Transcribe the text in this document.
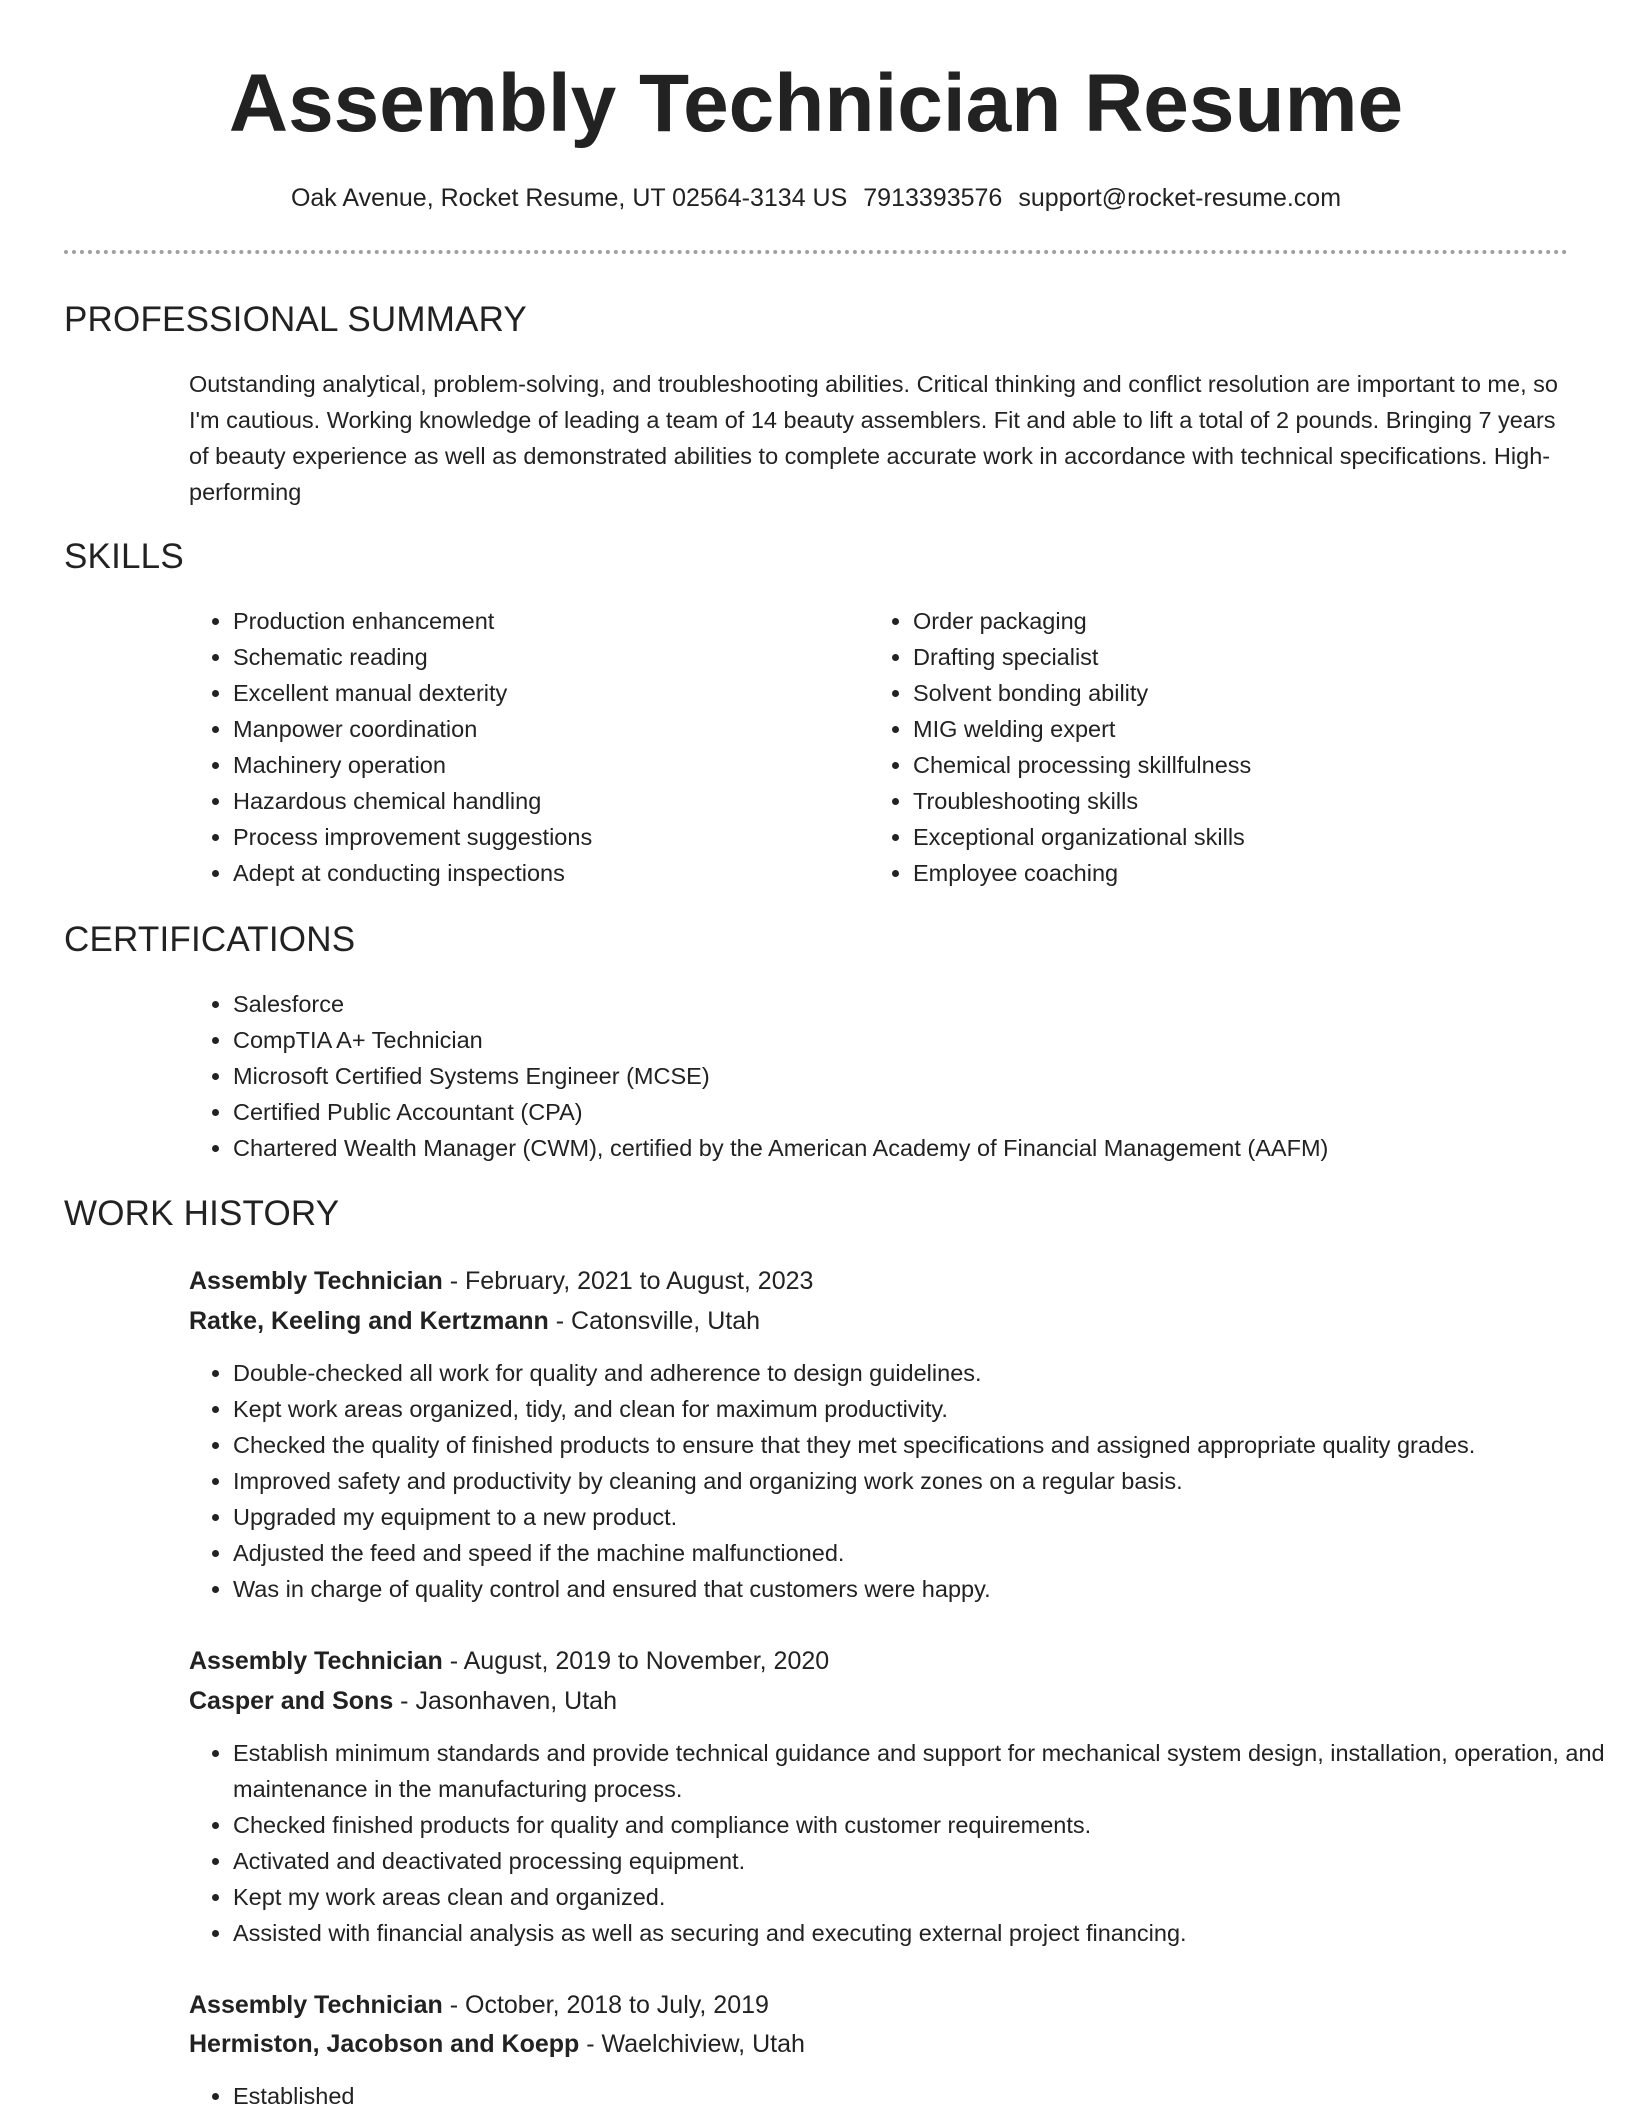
Assembly Technician Resume
Oak Avenue, Rocket Resume, UT 02564-3134 US 7913393576 support@rocket-resume.com
PROFESSIONAL SUMMARY

Outstanding analytical, problem-solving, and troubleshooting abilities. Critical thinking and conflict resolution are important to me, so I'm cautious. Working knowledge of leading a team of 14 beauty assemblers. Fit and able to lift a total of 2 pounds. Bringing 7 years of beauty experience as well as demonstrated abilities to complete accurate work in accordance with technical specifications. High-performing

SKILLS
• Production enhancement
• Schematic reading
• Excellent manual dexterity
• Manpower coordination
• Machinery operation
• Hazardous chemical handling
• Process improvement suggestions
• Adept at conducting inspections
• Order packaging
• Drafting specialist
• Solvent bonding ability
• MIG welding expert
• Chemical processing skillfulness
• Troubleshooting skills
• Exceptional organizational skills
• Employee coaching
CERTIFICATIONS
• Salesforce
• CompTIA A+ Technician
• Microsoft Certified Systems Engineer (MCSE)
• Certified Public Accountant (CPA)
• Chartered Wealth Manager (CWM), certified by the American Academy of Financial Management (AAFM)
WORK HISTORY
Assembly Technician - February, 2021 to August, 2023
Ratke, Keeling and Kertzmann - Catonsville, Utah
• Double-checked all work for quality and adherence to design guidelines.
• Kept work areas organized, tidy, and clean for maximum productivity.
• Checked the quality of finished products to ensure that they met specifications and assigned appropriate quality grades.
• Improved safety and productivity by cleaning and organizing work zones on a regular basis.
• Upgraded my equipment to a new product.
• Adjusted the feed and speed if the machine malfunctioned.
• Was in charge of quality control and ensured that customers were happy.
Assembly Technician - August, 2019 to November, 2020
Casper and Sons - Jasonhaven, Utah
• Establish minimum standards and provide technical guidance and support for mechanical system design, installation, operation, and maintenance in the manufacturing process.
• Checked finished products for quality and compliance with customer requirements.
• Activated and deactivated processing equipment.
• Kept my work areas clean and organized.
• Assisted with financial analysis as well as securing and executing external project financing.
Assembly Technician - October, 2018 to July, 2019
Hermiston, Jacobson and Koepp - Waelchiview, Utah
• Established
